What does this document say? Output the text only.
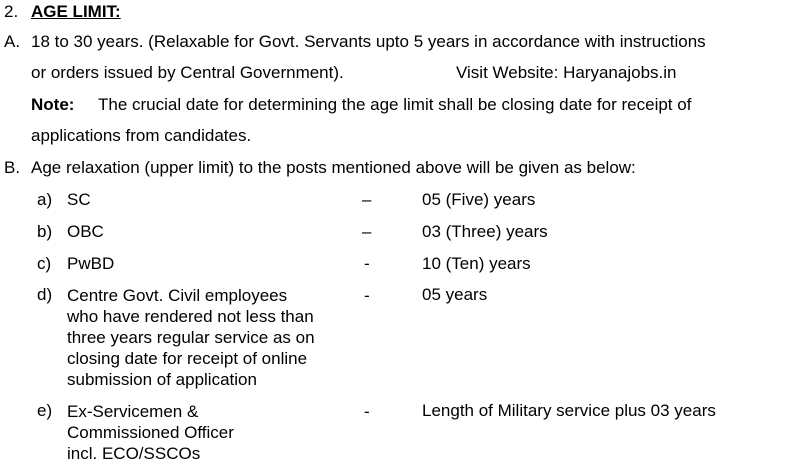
2. AGE LIMIT:
A. 18 to 30 years. (Relaxable for Govt. Servants upto 5 years in accordance with instructions
or orders issued by Central Government).	Visit Website: Haryanajobs.in
Note: The crucial date for determining the age limit shall be closing date for receipt of
applications from candidates.
B. Age relaxation (upper limit) to the posts mentioned above will be given as below:
a) SC	–	05 (Five) years
b) OBC	–	03 (Three) years
c) PwBD	-	10 (Ten) years
d) Centre Govt. Civil employees
who have rendered not less than
three years regular service as on
closing date for receipt of online
submission of application
-	05 years
e) Ex-Servicemen &
Commissioned Officer
incl. ECO/SSCOs
-	Length of Military service plus 03 years
